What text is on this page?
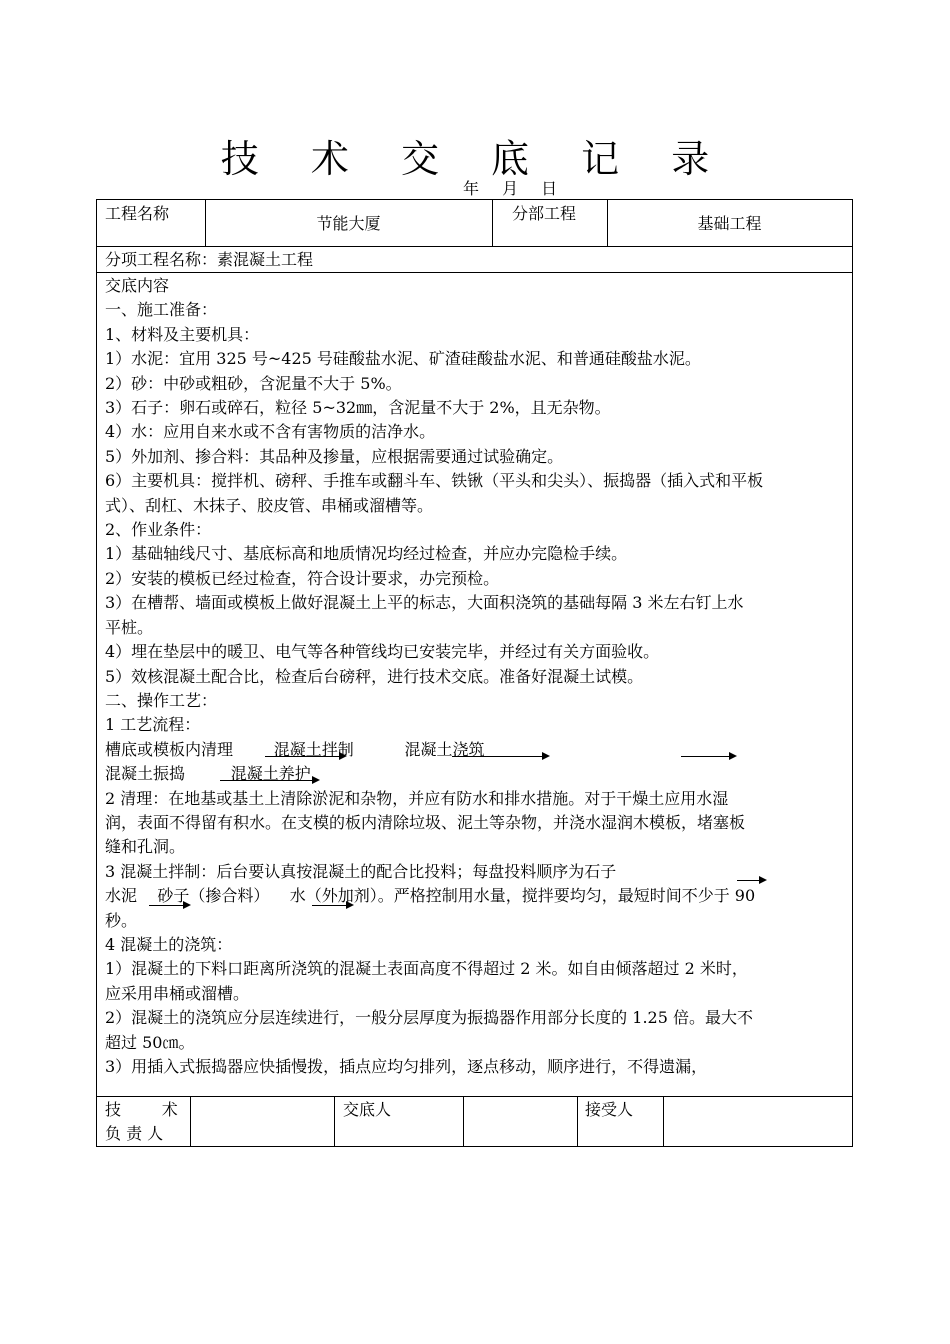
技 术 交 底 记 录
年 月 日
工程名称
节能大厦
分部工程
基础工程
分项工程名称：素混凝土工程
交底内容
一、施工准备：
1、材料及主要机具：
1）水泥：宜用 325 号~425 号硅酸盐水泥、矿渣硅酸盐水泥、和普通硅酸盐水泥。
2）砂：中砂或粗砂，含泥量不大于 5%。
3）石子：卵石或碎石，粒径 5~32㎜，含泥量不大于 2%，且无杂物。
4）水：应用自来水或不含有害物质的洁净水。
5）外加剂、掺合料：其品种及掺量，应根据需要通过试验确定。
6）主要机具：搅拌机、磅秤、手推车或翻斗车、铁锹（平头和尖头）、振捣器（插入式和平板
式）、刮杠、木抹子、胶皮管、串桶或溜槽等。
2、作业条件：
1）基础轴线尺寸、基底标高和地质情况均经过检查，并应办完隐检手续。
2）安装的模板已经过检查，符合设计要求，办完预检。
3）在槽帮、墙面或模板上做好混凝土上平的标志，大面积浇筑的基础每隔 3 米左右钉上水
平桩。
4）埋在垫层中的暖卫、电气等各种管线均已安装完毕，并经过有关方面验收。
5）效核混凝土配合比，检查后台磅秤，进行技术交底。准备好混凝土试模。
二、操作工艺：
1 工艺流程：
槽底或模板内清理        混凝土拌制          混凝土浇筑
混凝土振捣         混凝土养护
2 清理：在地基或基土上清除淤泥和杂物，并应有防水和排水措施。对于干燥土应用水湿
润，表面不得留有积水。在支模的板内清除垃圾、泥土等杂物，并浇水湿润木模板，堵塞板
缝和孔洞。
3 混凝土拌制：后台要认真按混凝土的配合比投料；每盘投料顺序为石子
水泥    砂子（掺合料）    水（外加剂）。严格控制用水量，搅拌要均匀，最短时间不少于 90
秒。
4 混凝土的浇筑：
1）混凝土的下料口距离所浇筑的混凝土表面高度不得超过 2 米。如自由倾落超过 2 米时，
应采用串桶或溜槽。
2）混凝土的浇筑应分层连续进行，一般分层厚度为振捣器作用部分长度的 1.25 倍。最大不
超过 50㎝。
3）用插入式振捣器应快插慢拨，插点应均匀排列，逐点移动，顺序进行，不得遗漏，
技        术
负 责 人
交底人	接受人
